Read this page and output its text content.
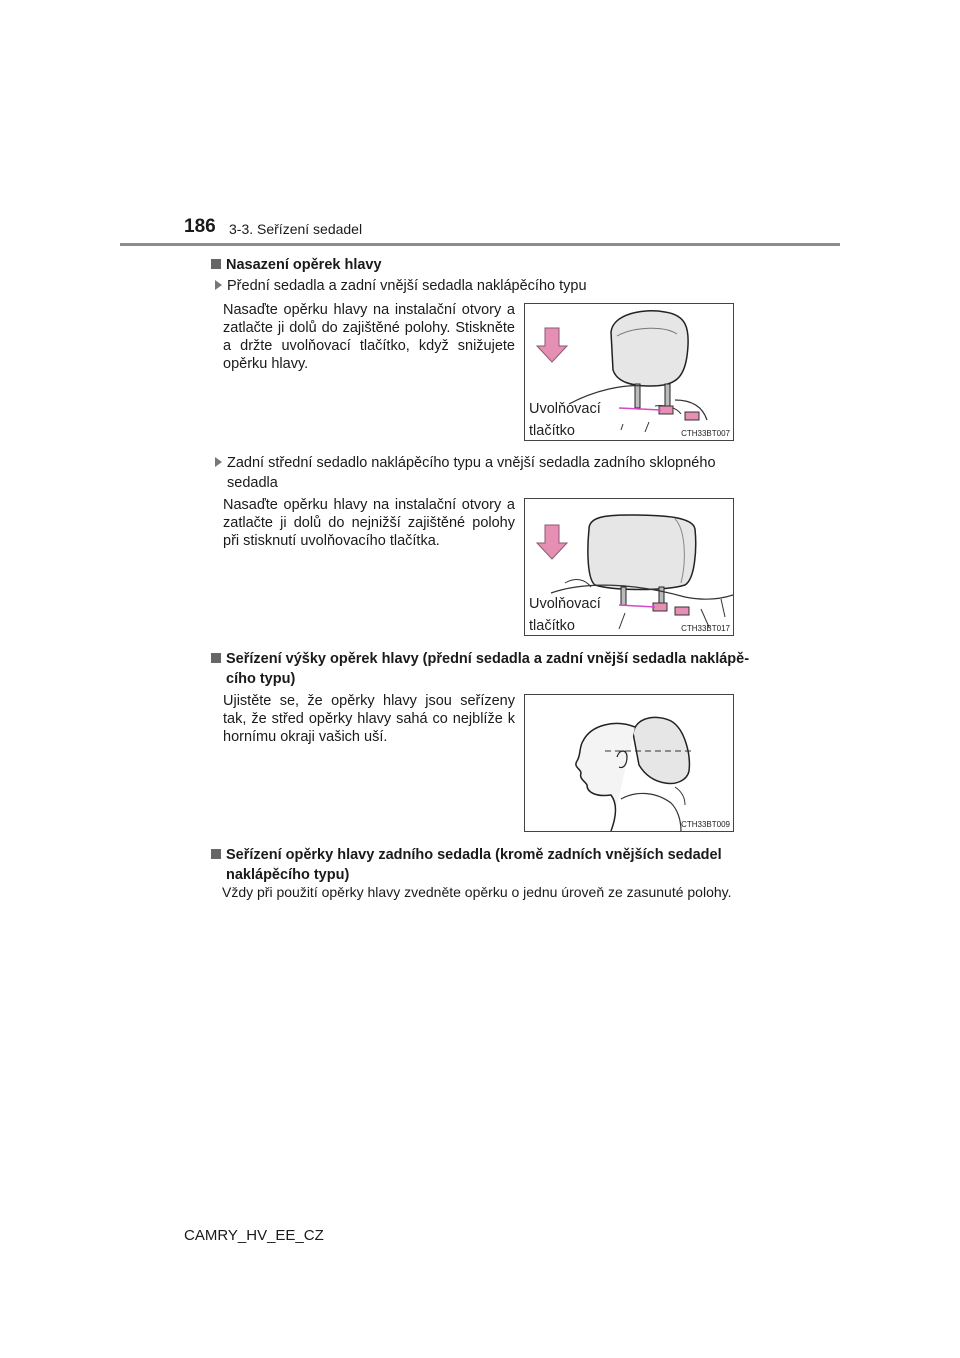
186 3-3. Seřízení sedadel
Nasazení opěrek hlavy
Přední sedadla a zadní vnější sedadla naklápěcího typu
Nasaďte opěrku hlavy na instalační otvory a zatlačte ji dolů do zajištěné polohy. Stiskněte a držte uvolňovací tlačítko, když snižujete opěrku hlavy.
Uvolňovací
tlačítko	CTH33BT007
Zadní střední sedadlo naklápěcího typu a vnější sedadla zadního sklopného
sedadla
Nasaďte opěrku hlavy na instalační otvory a zatlačte ji dolů do nejnižší zajištěné polohy při stisknutí uvolňovacího tlačítka.
Uvolňovací
tlačítko	CTH33BT017
Seřízení výšky opěrek hlavy (přední sedadla a zadní vnější sedadla naklápě-
cího typu)
Ujistěte se, že opěrky hlavy jsou seřízeny tak, že střed opěrky hlavy sahá co nejblíže k hornímu okraji vašich uší.
CTH33BT009
Seřízení opěrky hlavy zadního sedadla (kromě zadních vnějších sedadel
naklápěcího typu)
Vždy při použití opěrky hlavy zvedněte opěrku o jednu úroveň ze zasunuté polohy.
CAMRY_HV_EE_CZ
